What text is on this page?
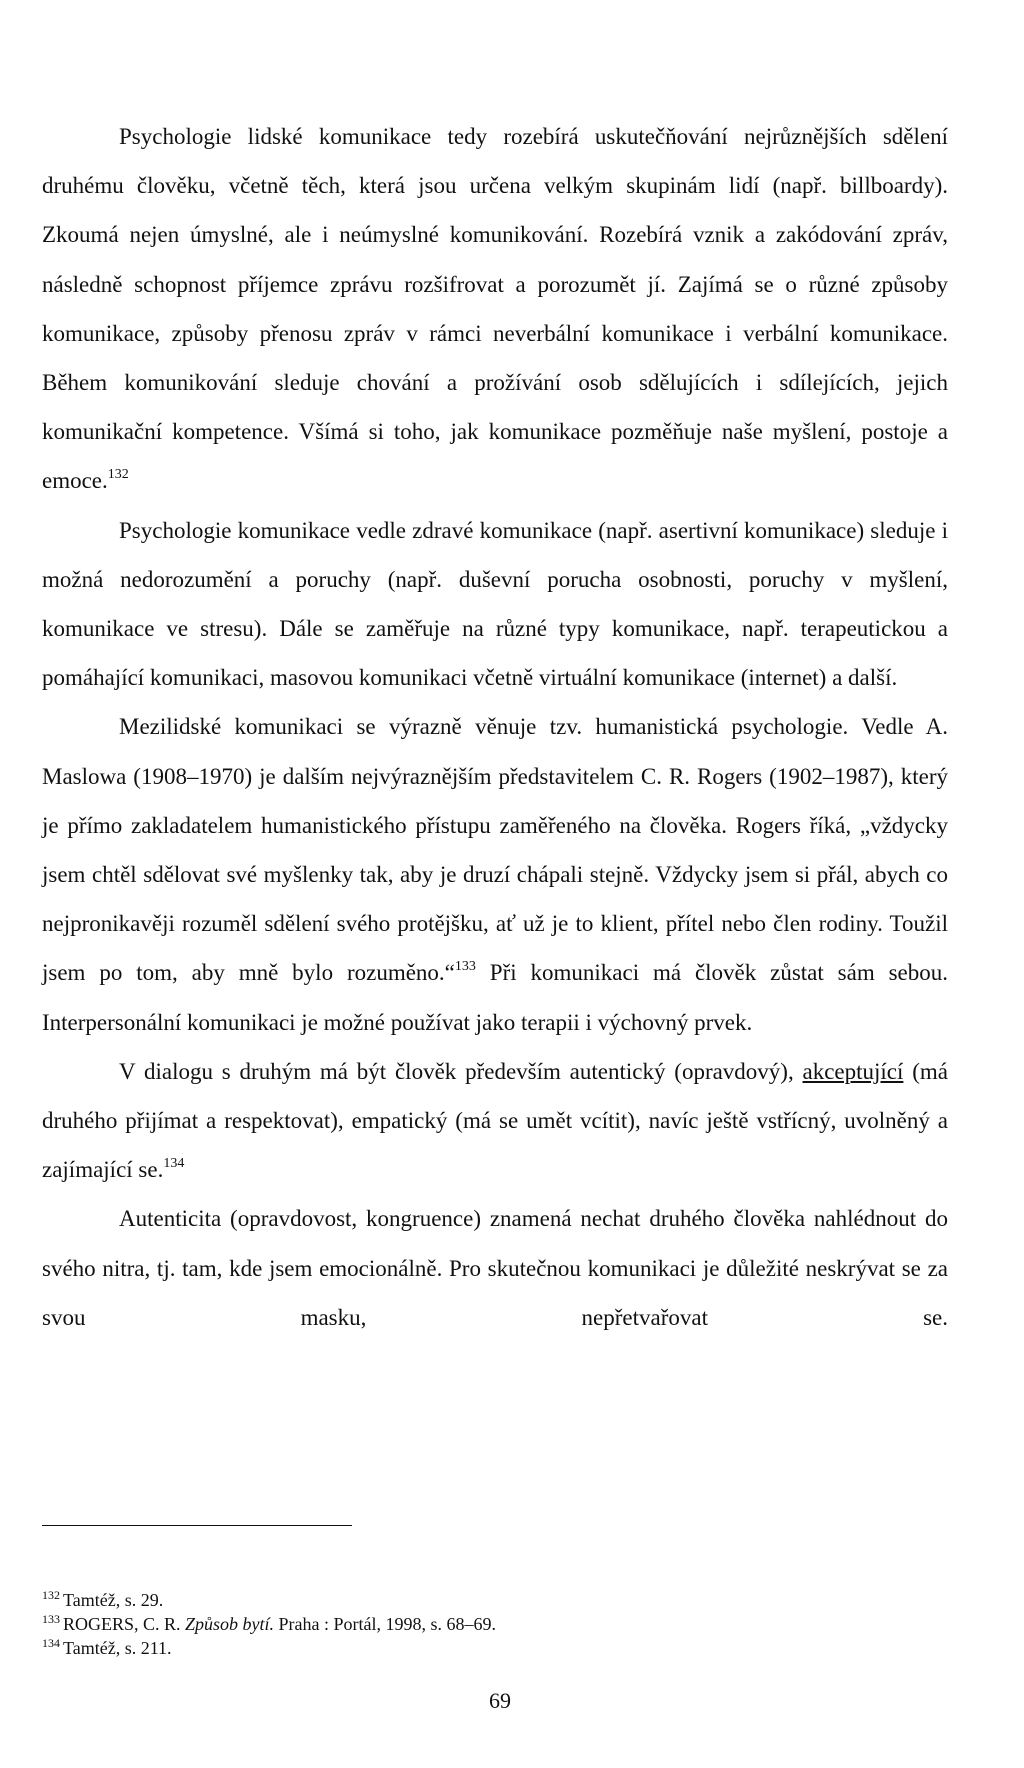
Psychologie lidské komunikace tedy rozebírá uskutečňování nejrůznějších sdělení druhému člověku, včetně těch, která jsou určena velkým skupinám lidí (např. billboardy). Zkoumá nejen úmyslné, ale i neúmyslné komunikování. Rozebírá vznik a zakódování zpráv, následně schopnost příjemce zprávu rozšifrovat a porozumět jí. Zajímá se o různé způsoby komunikace, způsoby přenosu zpráv v rámci neverbální komunikace i verbální komunikace. Během komunikování sleduje chování a prožívání osob sdělujících i sdílejících, jejich komunikační kompetence. Všímá si toho, jak komunikace pozměňuje naše myšlení, postoje a emoce.$^{132}$

Psychologie komunikace vedle zdravé komunikace (např. asertivní komunikace) sleduje i možná nedorozumění a poruchy (např. duševní porucha osobnosti, poruchy v myšlení, komunikace ve stresu). Dále se zaměřuje na různé typy komunikace, např. terapeutickou a pomáhající komunikaci, masovou komunikaci včetně virtuální komunikace (internet) a další.

Mezilidské komunikaci se výrazně věnuje tzv. humanistická psychologie. Vedle A. Maslowa (1908–1970) je dalším nejvýraznějším představitelem C. R. Rogers (1902–1987), který je přímo zakladatelem humanistického přístupu zaměřeného na člověka. Rogers říká, „vždycky jsem chtěl sdělovat své myšlenky tak, aby je druzí chápali stejně. Vždycky jsem si přál, abych co nejpronikavěji rozuměl sdělení svého protějšku, ať už je to klient, přítel nebo člen rodiny. Toužil jsem po tom, aby mně bylo rozuměno.“$^{133}$ Při komunikaci má člověk zůstat sám sebou. Interpersonální komunikaci je možné používat jako terapii i výchovný prvek.

V dialogu s druhým má být člověk především autentický (opravdový), akceptující (má druhého přijímat a respektovat), empatický (má se umět vcítit), navíc ještě vstřícný, uvolněný a zajímající se.$^{134}$

Autenticita (opravdovost, kongruence) znamená nechat druhého člověka nahlédnout do svého nitra, tj. tam, kde jsem emocionálně. Pro skutečnou komunikaci je důležité neskrývat se za svou masku, nepřetvařovat se.

$^{132}$ Tamtéž, s. 29.
$^{133}$ ROGERS, C. R. Způsob bytí. Praha : Portál, 1998, s. 68–69.
$^{134}$ Tamtéž, s. 211.
69
